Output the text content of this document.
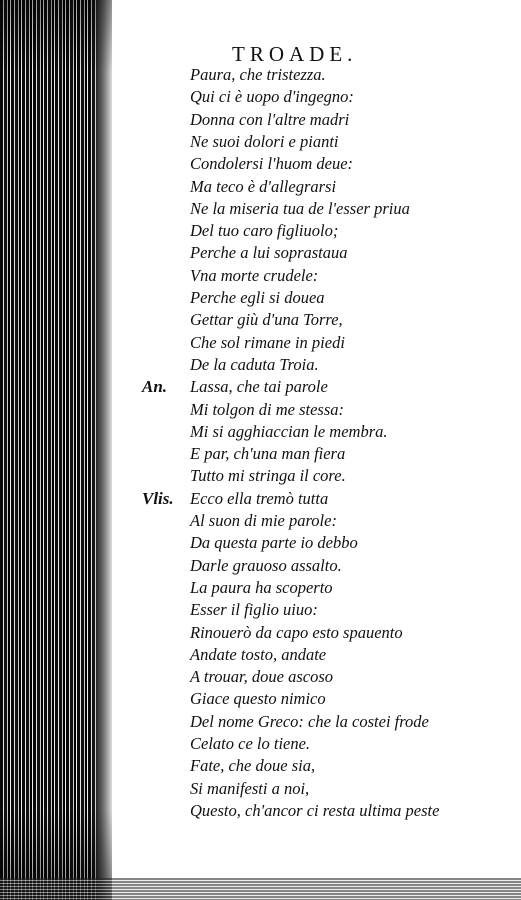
TROADE.
Paura, che tristezza.
Qui ci è uopo d'ingegno:
Donna con l'altre madri
Ne suoi dolori e pianti
Condolersi l'huom deue:
Ma teco è d'allegrarsi
Ne la miseria tua de l'esser priua
Del tuo caro figliuolo;
Perche a lui soprastaua
Vna morte crudele:
Perche egli si douea
Gettar giù d'una Torre,
Che sol rimane in piedi
De la caduta Troia.
An. Lassa, che tai parole
Mi tolgon di me stessa:
Mi si agghiaccian le membra.
E par, ch'una man fiera
Tutto mi stringa il core.
Vlis. Ecco ella tremò tutta
Al suon di mie parole:
Da questa parte io debbo
Darle grauoso assalto.
La paura ha scoperto
Esser il figlio uiuo:
Rinouerò da capo esto spauento
Andate tosto, andate
A trouar, doue ascoso
Giace questo nimico
Del nome Greco: che la costei frode
Celato ce lo tiene.
Fate, che doue sia,
Si manifesti a noi,
Questo, ch'ancor ci resta ultima peste
